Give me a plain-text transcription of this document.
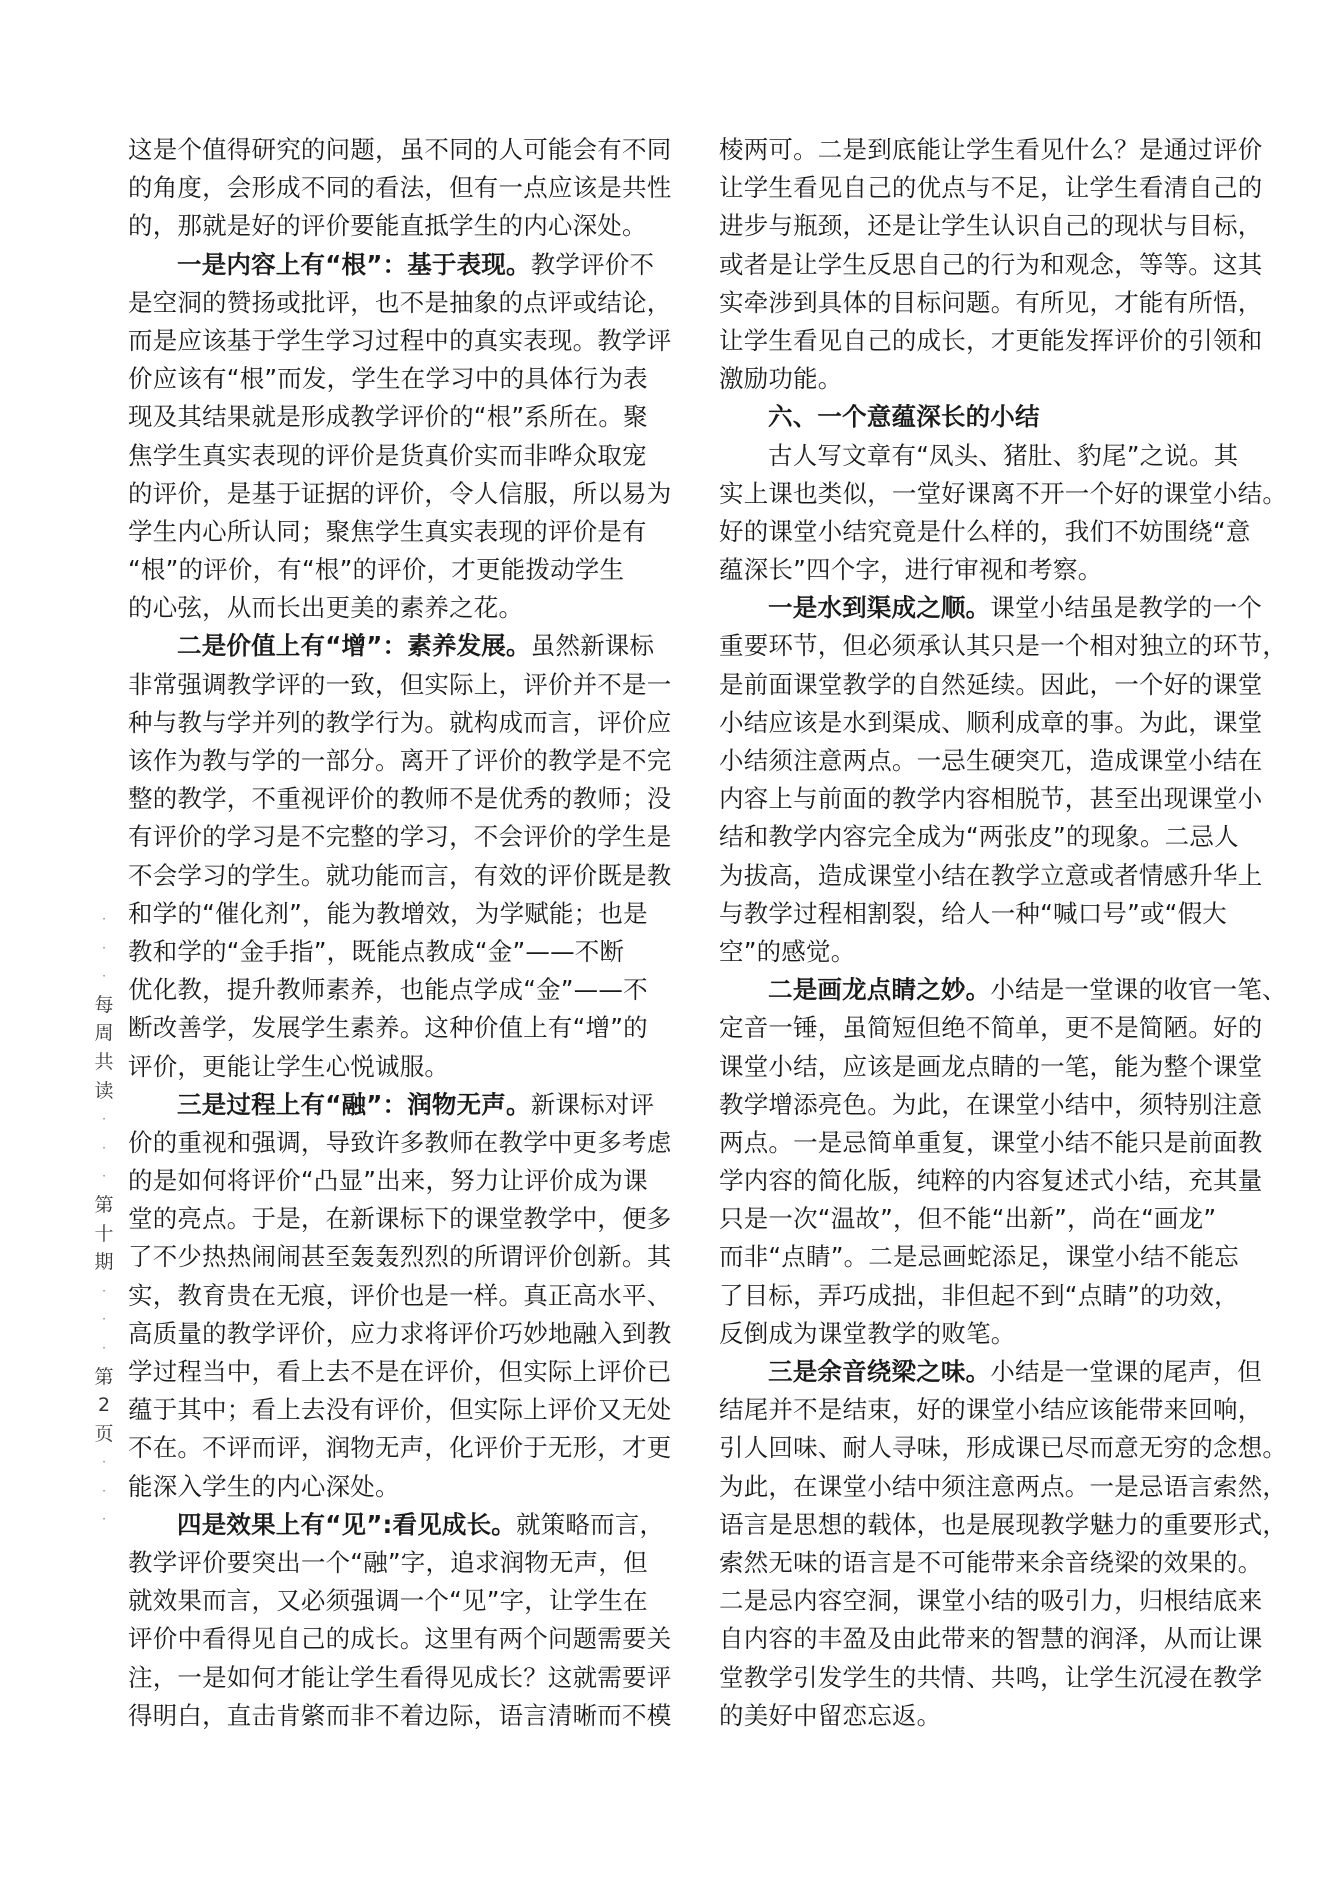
·
·
·
每
周
共
读
·
·
·
第
十
期
·
·
·
第
2
页
·
·
·
这是个值得研究的问题，虽不同的人可能会有不同
的角度，会形成不同的看法，但有一点应该是共性
的，那就是好的评价要能直抵学生的内心深处。
一是内容上有“根”：基于表现。教学评价不
是空洞的赞扬或批评，也不是抽象的点评或结论，
而是应该基于学生学习过程中的真实表现。教学评
价应该有“根”而发，学生在学习中的具体行为表
现及其结果就是形成教学评价的“根”系所在。聚
焦学生真实表现的评价是货真价实而非哗众取宠
的评价，是基于证据的评价，令人信服，所以易为
学生内心所认同；聚焦学生真实表现的评价是有
“根”的评价，有“根”的评价，才更能拨动学生
的心弦，从而长出更美的素养之花。
二是价值上有“增”：素养发展。虽然新课标
非常强调教学评的一致，但实际上，评价并不是一
种与教与学并列的教学行为。就构成而言，评价应
该作为教与学的一部分。离开了评价的教学是不完
整的教学，不重视评价的教师不是优秀的教师；没
有评价的学习是不完整的学习，不会评价的学生是
不会学习的学生。就功能而言，有效的评价既是教
和学的“催化剂”，能为教增效，为学赋能；也是
教和学的“金手指”，既能点教成“金”——不断
优化教，提升教师素养，也能点学成“金”——不
断改善学，发展学生素养。这种价值上有“增”的
评价，更能让学生心悦诚服。
三是过程上有“融”：润物无声。新课标对评
价的重视和强调，导致许多教师在教学中更多考虑
的是如何将评价“凸显”出来，努力让评价成为课
堂的亮点。于是，在新课标下的课堂教学中，便多
了不少热热闹闹甚至轰轰烈烈的所谓评价创新。其
实，教育贵在无痕，评价也是一样。真正高水平、
高质量的教学评价，应力求将评价巧妙地融入到教
学过程当中，看上去不是在评价，但实际上评价已
蕴于其中；看上去没有评价，但实际上评价又无处
不在。不评而评，润物无声，化评价于无形，才更
能深入学生的内心深处。
四是效果上有“见”:看见成长。就策略而言，
教学评价要突出一个“融”字，追求润物无声，但
就效果而言，又必须强调一个“见”字，让学生在
评价中看得见自己的成长。这里有两个问题需要关
注，一是如何才能让学生看得见成长？这就需要评
得明白，直击肯綮而非不着边际，语言清晰而不模
棱两可。二是到底能让学生看见什么？是通过评价
让学生看见自己的优点与不足，让学生看清自己的
进步与瓶颈，还是让学生认识自己的现状与目标，
或者是让学生反思自己的行为和观念，等等。这其
实牵涉到具体的目标问题。有所见，才能有所悟，
让学生看见自己的成长，才更能发挥评价的引领和
激励功能。
六、一个意蕴深长的小结
古人写文章有“凤头、猪肚、豹尾”之说。其
实上课也类似，一堂好课离不开一个好的课堂小结。
好的课堂小结究竟是什么样的，我们不妨围绕“意
蕴深长”四个字，进行审视和考察。
一是水到渠成之顺。课堂小结虽是教学的一个
重要环节，但必须承认其只是一个相对独立的环节，
是前面课堂教学的自然延续。因此，一个好的课堂
小结应该是水到渠成、顺利成章的事。为此，课堂
小结须注意两点。一忌生硬突兀，造成课堂小结在
内容上与前面的教学内容相脱节，甚至出现课堂小
结和教学内容完全成为“两张皮”的现象。二忌人
为拔高，造成课堂小结在教学立意或者情感升华上
与教学过程相割裂，给人一种“喊口号”或“假大
空”的感觉。
二是画龙点睛之妙。小结是一堂课的收官一笔、
定音一锤，虽简短但绝不简单，更不是简陋。好的
课堂小结，应该是画龙点睛的一笔，能为整个课堂
教学增添亮色。为此，在课堂小结中，须特别注意
两点。一是忌简单重复，课堂小结不能只是前面教
学内容的简化版，纯粹的内容复述式小结，充其量
只是一次“温故”，但不能“出新”，尚在“画龙”
而非“点睛”。二是忌画蛇添足，课堂小结不能忘
了目标，弄巧成拙，非但起不到“点睛”的功效，
反倒成为课堂教学的败笔。
三是余音绕梁之味。小结是一堂课的尾声，但
结尾并不是结束，好的课堂小结应该能带来回响，
引人回味、耐人寻味，形成课已尽而意无穷的念想。
为此，在课堂小结中须注意两点。一是忌语言索然，
语言是思想的载体，也是展现教学魅力的重要形式，
索然无味的语言是不可能带来余音绕梁的效果的。
二是忌内容空洞，课堂小结的吸引力，归根结底来
自内容的丰盈及由此带来的智慧的润泽，从而让课
堂教学引发学生的共情、共鸣，让学生沉浸在教学
的美好中留恋忘返。
